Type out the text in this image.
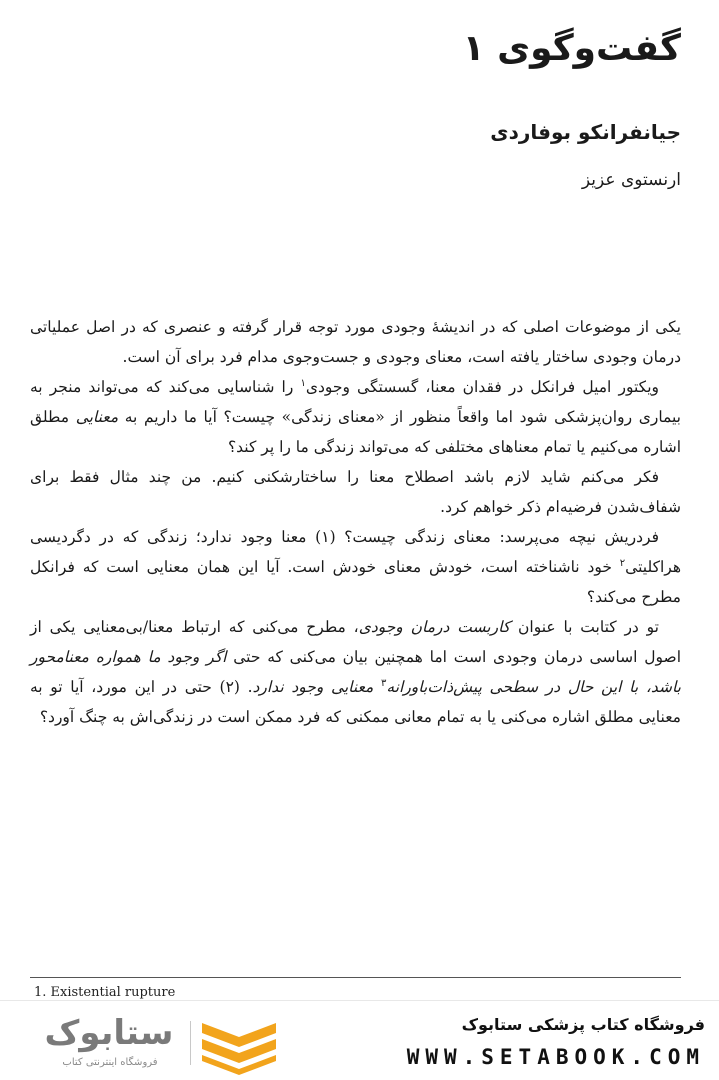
گفت‌وگوی ۱
جیانفرانکو بوفاردی
ارنستوی عزیز

یکی از موضوعات اصلی که در اندیشهٔ وجودی مورد توجه قرار گرفته و عنصری که در اصل عملیاتی درمان وجودی ساختار یافته است، معنای وجودی و جست‌وجوی مدام فرد برای آن است.

ویکتور امیل فرانکل در فقدان معنا، گسستگی وجودی$^۱$ را شناسایی می‌کند که می‌تواند منجر به بیماری روان‌پزشکی شود اما واقعاً منظور از «معنای زندگی» چیست؟ آیا ما داریم به معنایی مطلق اشاره می‌کنیم یا تمام معناهای مختلفی که می‌تواند زندگی ما را پر کند؟

فکر می‌کنم شاید لازم باشد اصطلاح معنا را ساختارشکنی کنیم. من چند مثال فقط برای شفاف‌شدن فرضیه‌ام ذکر خواهم کرد.

فردریش نیچه می‌پرسد: معنای زندگی چیست؟ (۱) معنا وجود ندارد؛ زندگی که در دگردیسی هراکلیتی$^۲$ خود ناشناخته است، خودش معنای خودش است. آیا این همان معنایی است که فرانکل مطرح می‌کند؟

تو در کتابت با عنوان کاربست درمان وجودی، مطرح می‌کنی که ارتباط معنا/بی‌معنایی یکی از اصول اساسی درمان وجودی است اما همچنین بیان می‌کنی که حتی اگر وجود ما همواره معنامحور باشد، با این حال در سطحی پیش‌ذات‌باورانه$^۳$ معنایی وجود ندارد. (۲) حتی در این مورد، آیا تو به معنایی مطلق اشاره می‌کنی یا به تمام معانی ممکنی که فرد ممکن است در زندگی‌اش به چنگ آورد؟

1. Existential rupture
ستابوک
فروشگاه اینترنتی کتاب
فروشگاه کتاب پزشکی ستابوک
WWW.SETABOOK.COM
